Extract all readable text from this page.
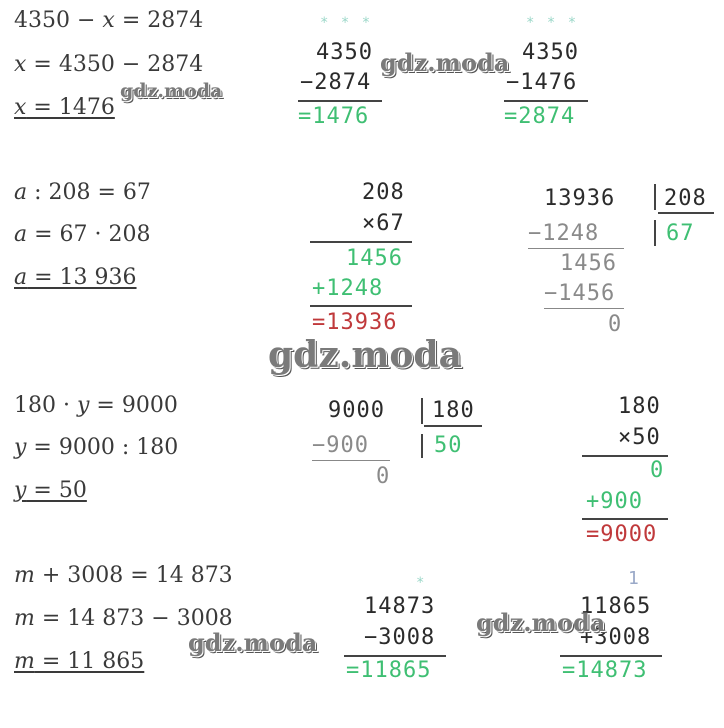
4350 − x = 2874
x = 4350 − 2874
x = 1476
* * *
4350
−2874
=1476
* * *
4350
−1476
=2874
a : 208 = 67
a = 67 · 208
a = 13 936
208
×67
1456
+1248
=13936
13936 208
67
−1248
1456
−1456
0
180 · y = 9000
y = 9000 : 180
y = 50
9000 180
50
−900
0
180
×50
0
+900
=9000
m + 3008 = 14 873
m = 14 873 − 3008
m = 11 865
*
14873
−3008
=11865
1
11865
+3008
=14873
gdz.moda
gdz.moda
gdz.moda
gdz.moda
gdz.moda
